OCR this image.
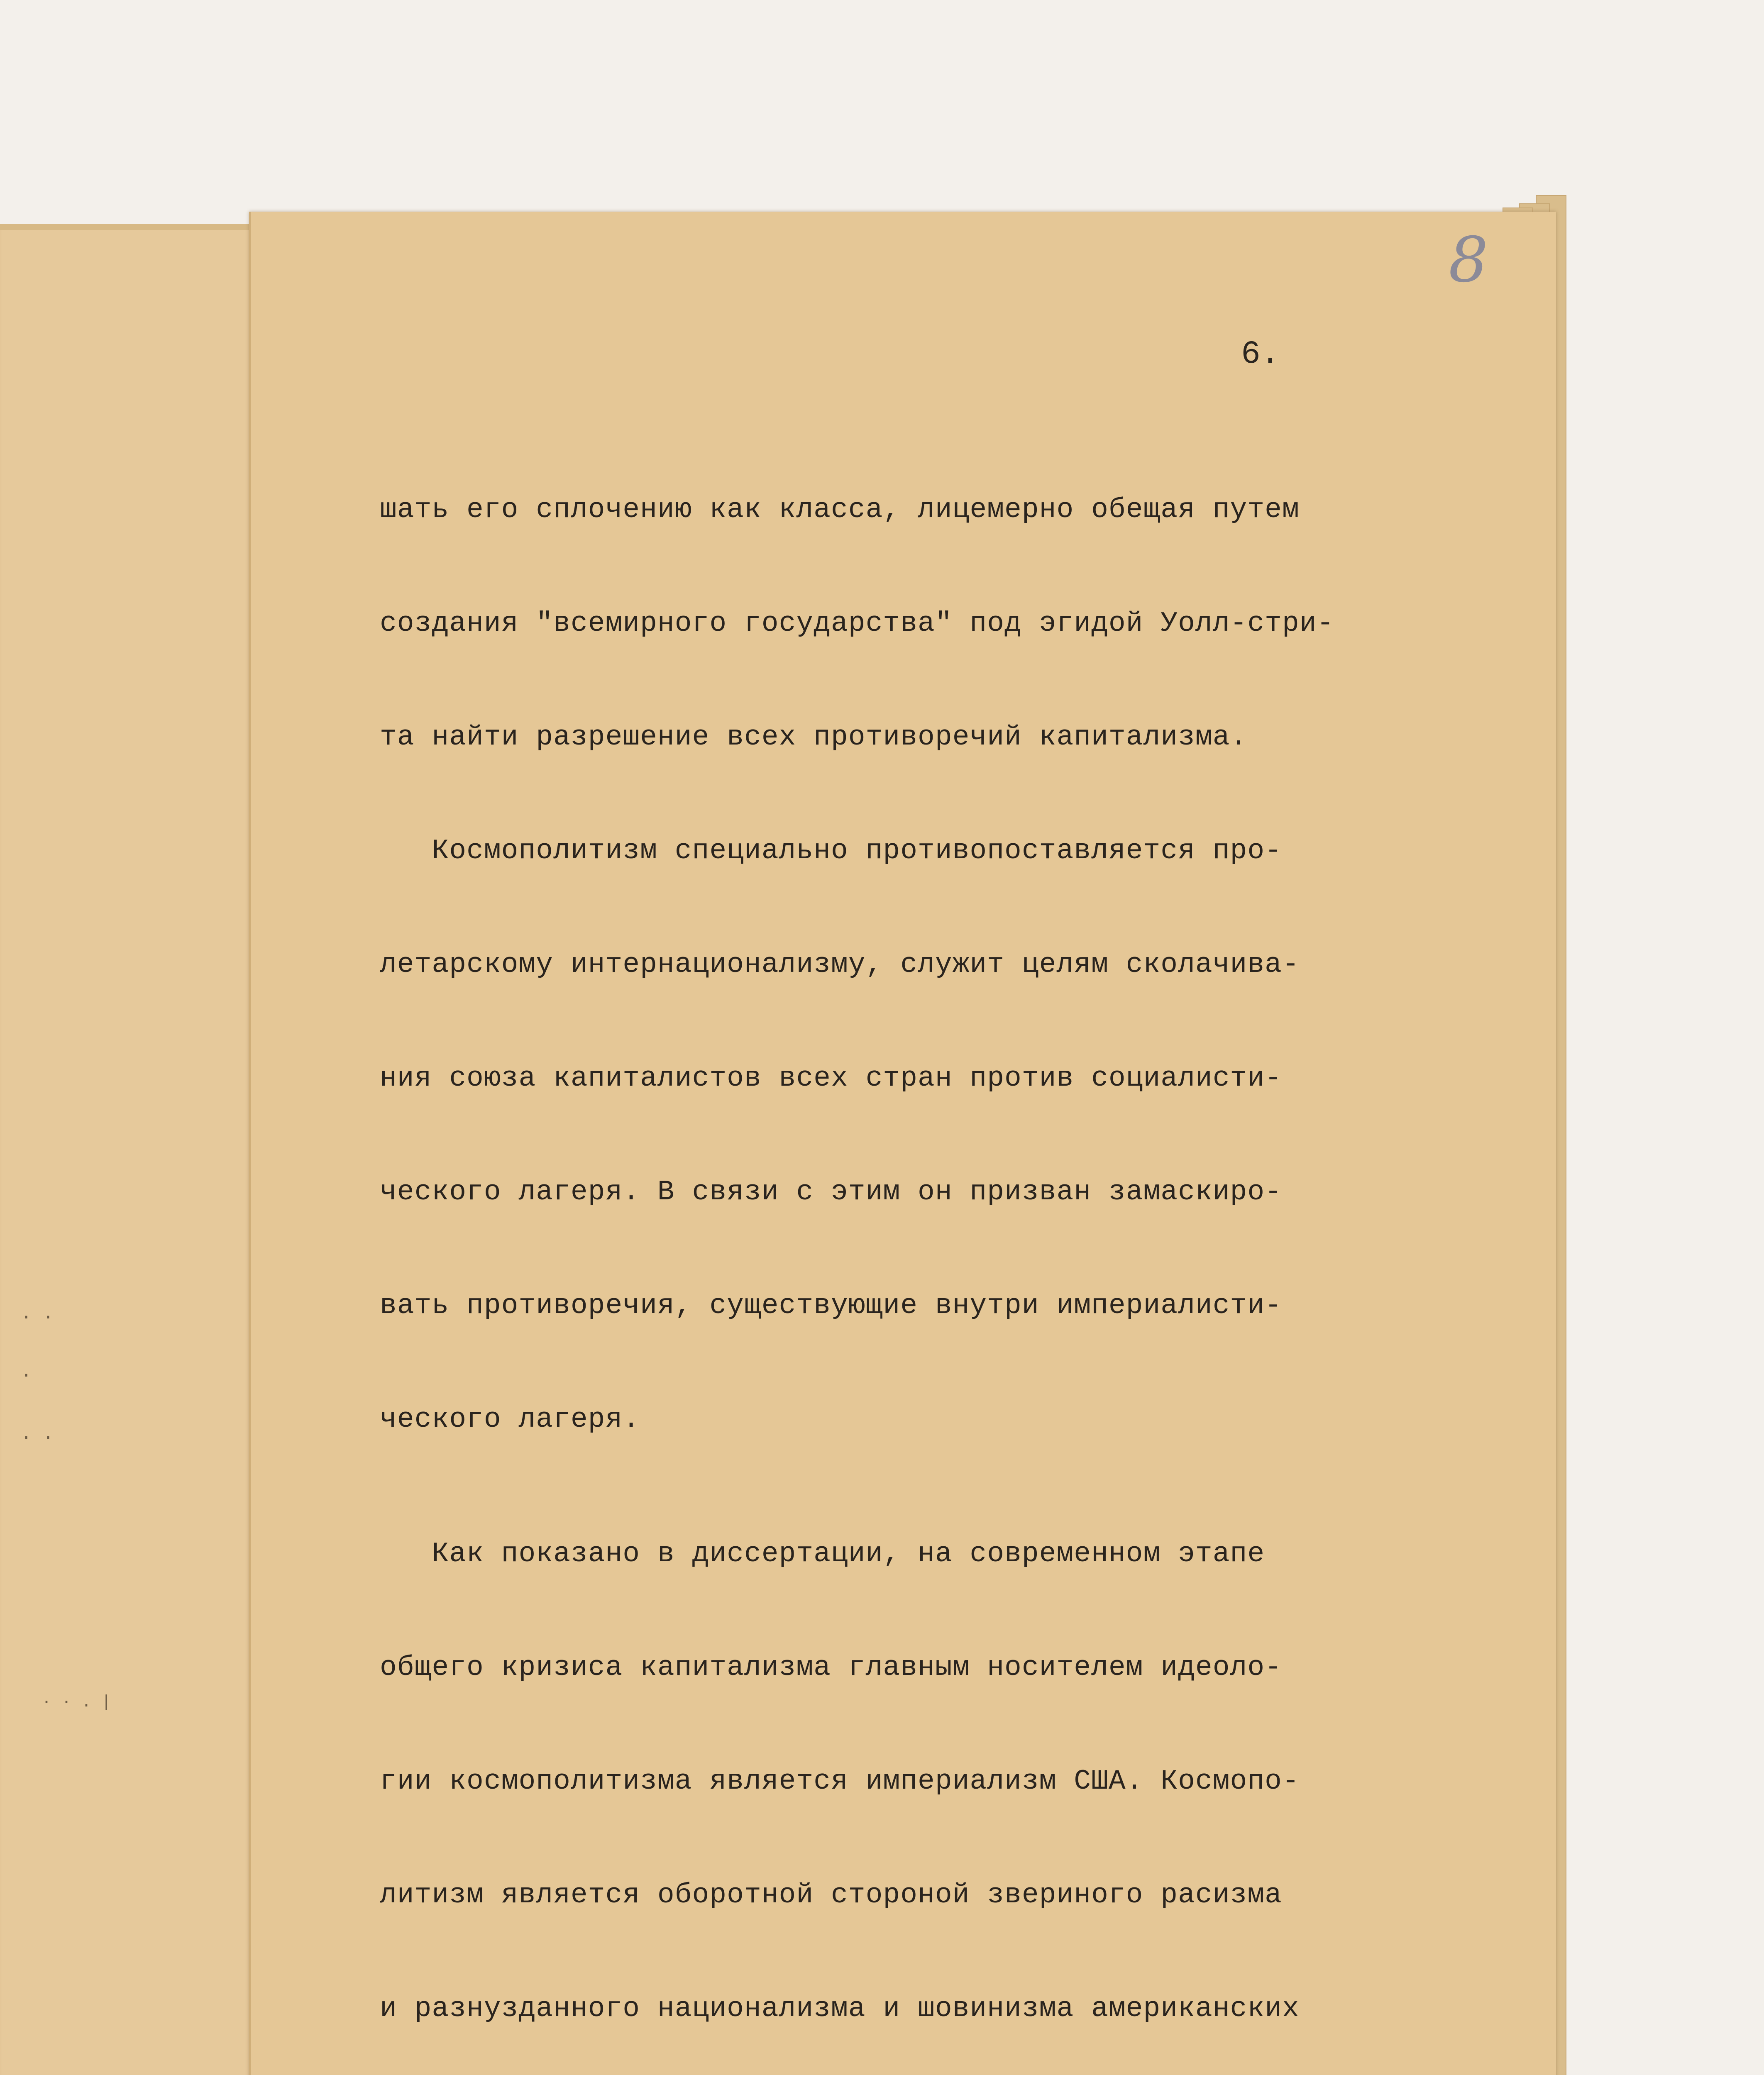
8
6.

шать его сплочению как класса, лицемерно обещая путем

создания "всемирного государства" под эгидой Уолл-стри-

та найти разрешение всех противоречий капитализма.

Космополитизм специально противопоставляется про-

летарскому интернационализму, служит целям сколачива-

ния союза капиталистов всех стран против социалисти-

ческого лагеря. В связи с этим он призван замаскиро-

вать противоречия, существующие внутри империалисти-

ческого лагеря.

Как показано в диссертации, на современном этапе

общего кризиса капитализма главным носителем идеоло-

гии космополитизма является империализм США. Космопо-

литизм является оборотной стороной звериного расизма

и разнузданного национализма и шовинизма американских

· ·
·
· ·
· · . |
